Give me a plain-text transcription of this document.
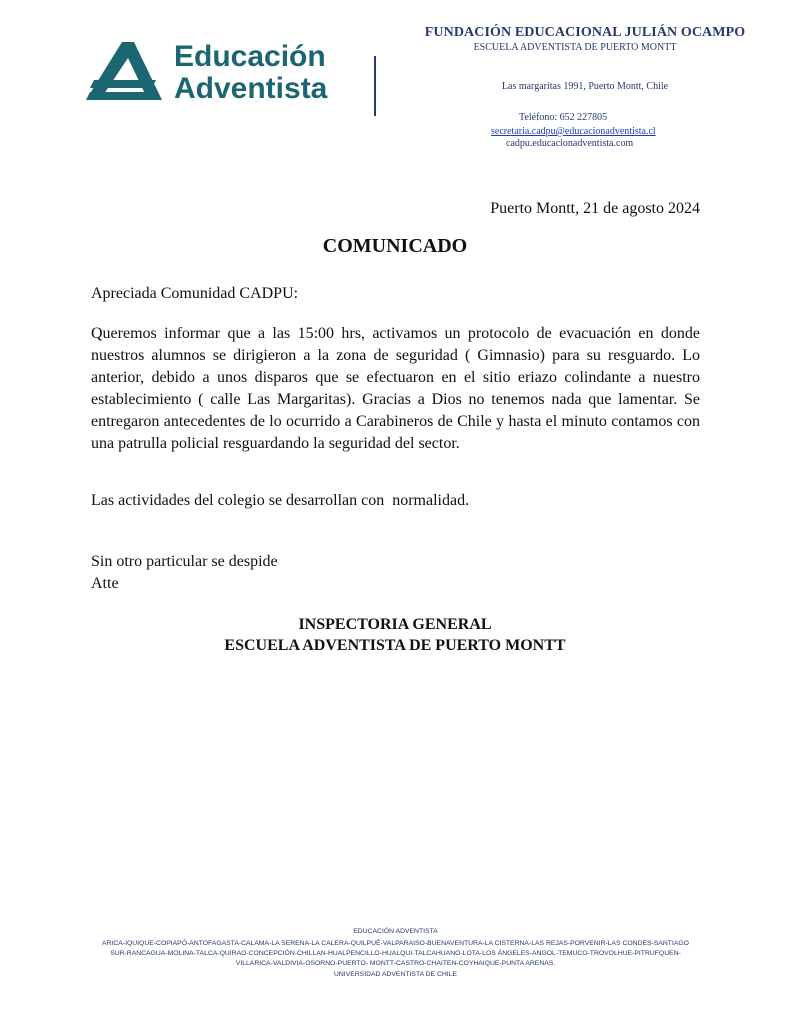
Educación
Adventista
FUNDACIÓN EDUCACIONAL JULIÁN OCAMPO
ESCUELA ADVENTISTA DE PUERTO MONTT
Las margaritas 1991, Puerto Montt, Chile
Teléfono: 652 227805
secretaria.cadpu@educacionadventista.cl
cadpu.educacionadventista.com
Puerto Montt, 21 de agosto 2024
COMUNICADO
Apreciada Comunidad CADPU:
Queremos informar que a las 15:00 hrs, activamos un protocolo de evacuación en donde nuestros alumnos se dirigieron a la zona de seguridad ( Gimnasio) para su resguardo. Lo anterior, debido a unos disparos que se efectuaron en el sitio eriazo colindante a nuestro establecimiento ( calle Las Margaritas). Gracias a Dios no tenemos nada que lamentar. Se entregaron antecedentes de lo ocurrido a Carabineros de Chile y hasta el minuto contamos con una patrulla policial resguardando la seguridad del sector.
Las actividades del colegio se desarrollan con  normalidad.
Sin otro particular se despide
Atte
INSPECTORIA GENERAL
ESCUELA ADVENTISTA DE PUERTO MONTT
EDUCACIÓN ADVENTISTA
ARICA-IQUIQUE-COPIAPÓ-ANTOFAGASTA-CALAMA-LA SERENA-LA CALERA-QUILPUÉ-VALPARAISO-BUENAVENTURA-LA CISTERNA-LAS REJAS-PORVENIR-LAS CONDES-SANTIAGO
SUR-RANCAGUA-MOLINA-TALCA-QUIRAO-CONCEPCIÓN-CHILLAN-HUALPENCILLO-HUALQUI-TALCAHUANO-LOTA-LOS ÁNGELES-ANGOL-TEMUCO-TROVOLHUE-PITRUFQUEN-
VILLARICA-VALDIVIA-OSORNO-PUERTO- MONTT-CASTRO-CHAITEN-COYHAIQUE-PUNTA ARENAS.
UNIVERSIDAD ADVENTISTA DE CHILE
